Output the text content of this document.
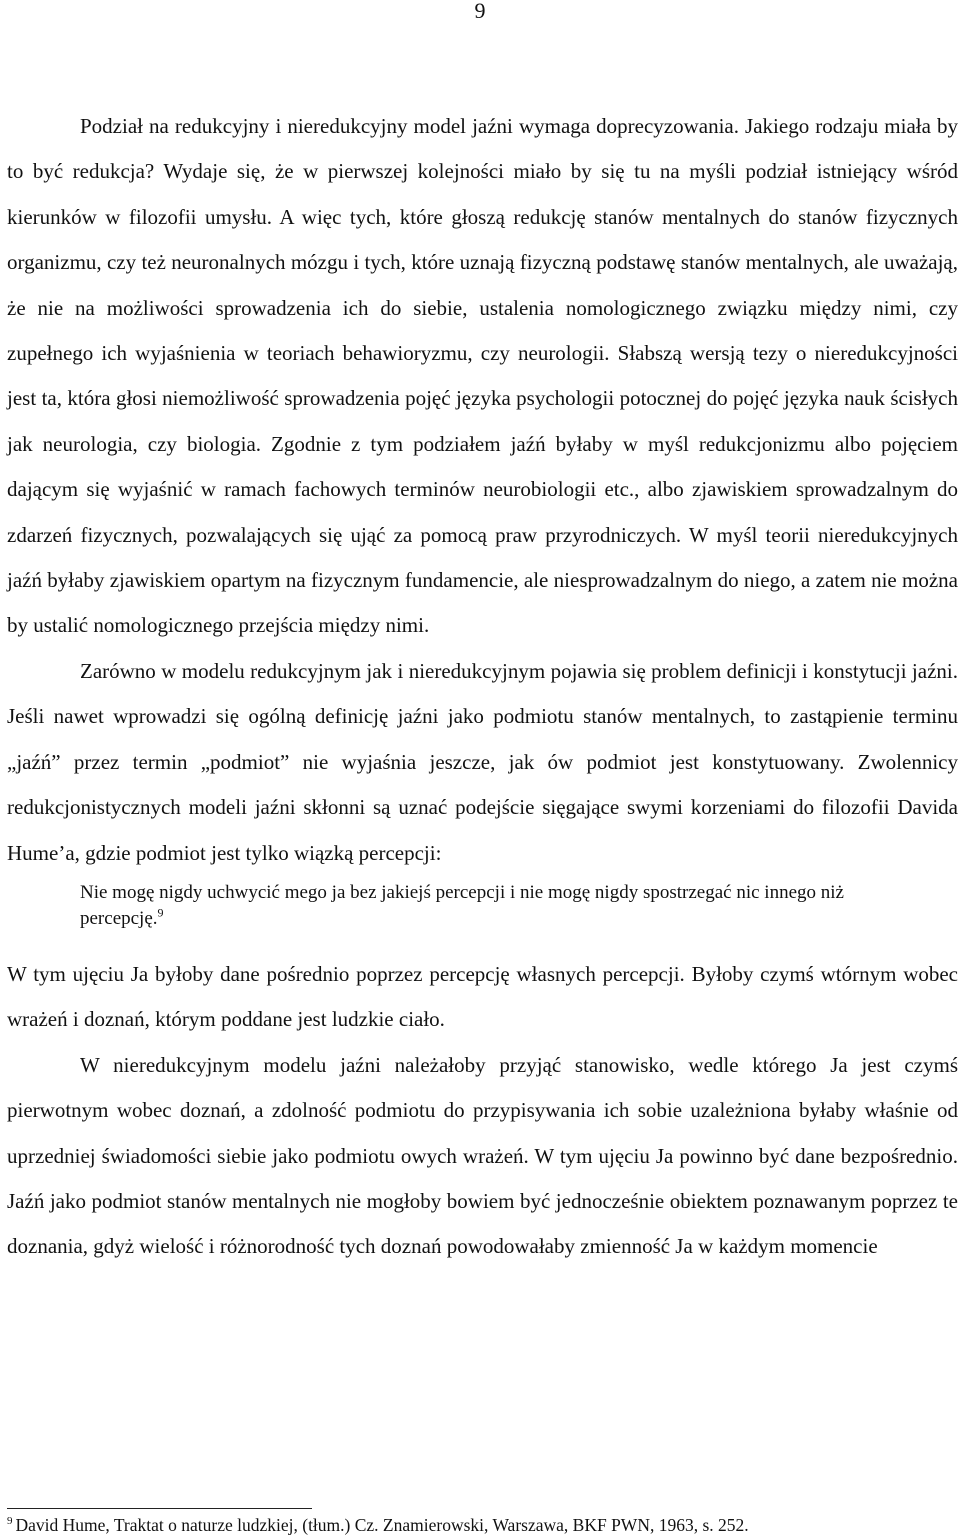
9

Podział na redukcyjny i nieredukcyjny model jaźni wymaga doprecyzowania. Jakiego rodzaju miała by to być redukcja? Wydaje się, że w pierwszej kolejności miało by się tu na myśli podział istniejący wśród kierunków w filozofii umysłu. A więc tych, które głoszą redukcję stanów mentalnych do stanów fizycznych organizmu, czy też neuronalnych mózgu i tych, które uznają fizyczną podstawę stanów mentalnych, ale uważają, że nie na możliwości sprowadzenia ich do siebie, ustalenia nomologicznego związku między nimi, czy zupełnego ich wyjaśnienia w teoriach behawioryzmu, czy neurologii. Słabszą wersją tezy o nieredukcyjności jest ta, która głosi niemożliwość sprowadzenia pojęć języka psychologii potocznej do pojęć języka nauk ścisłych jak neurologia, czy biologia. Zgodnie z tym podziałem jaźń byłaby w myśl redukcjonizmu albo pojęciem dającym się wyjaśnić w ramach fachowych terminów neurobiologii etc., albo zjawiskiem sprowadzalnym do zdarzeń fizycznych, pozwalających się ująć za pomocą praw przyrodniczych. W myśl teorii nieredukcyjnych jaźń byłaby zjawiskiem opartym na fizycznym fundamencie, ale niesprowadzalnym do niego, a zatem nie można by ustalić nomologicznego przejścia między nimi.

Zarówno w modelu redukcyjnym jak i nieredukcyjnym pojawia się problem definicji i konstytucji jaźni. Jeśli nawet wprowadzi się ogólną definicję jaźni jako podmiotu stanów mentalnych, to zastąpienie terminu „jaźń” przez termin „podmiot” nie wyjaśnia jeszcze, jak ów podmiot jest konstytuowany. Zwolennicy redukcjonistycznych modeli jaźni skłonni są uznać podejście sięgające swymi korzeniami do filozofii Davida Hume’a, gdzie podmiot jest tylko wiązką percepcji:

Nie mogę nigdy uchwycić mego ja bez jakiejś percepcji i nie mogę nigdy spostrzegać nic innego niż percepcję.$^9$

W tym ujęciu Ja byłoby dane pośrednio poprzez percepcję własnych percepcji. Byłoby czymś wtórnym wobec wrażeń i doznań, którym poddane jest ludzkie ciało.

W nieredukcyjnym modelu jaźni należałoby przyjąć stanowisko, wedle którego Ja jest czymś pierwotnym wobec doznań, a zdolność podmiotu do przypisywania ich sobie uzależniona byłaby właśnie od uprzedniej świadomości siebie jako podmiotu owych wrażeń. W tym ujęciu Ja powinno być dane bezpośrednio. Jaźń jako podmiot stanów mentalnych nie mogłoby bowiem być jednocześnie obiektem poznawanym poprzez te doznania, gdyż wielość i różnorodność tych doznań powodowałaby zmienność Ja w każdym momencie

$^9$ David Hume, Traktat o naturze ludzkiej, (tłum.) Cz. Znamierowski, Warszawa, BKF PWN, 1963, s. 252.
